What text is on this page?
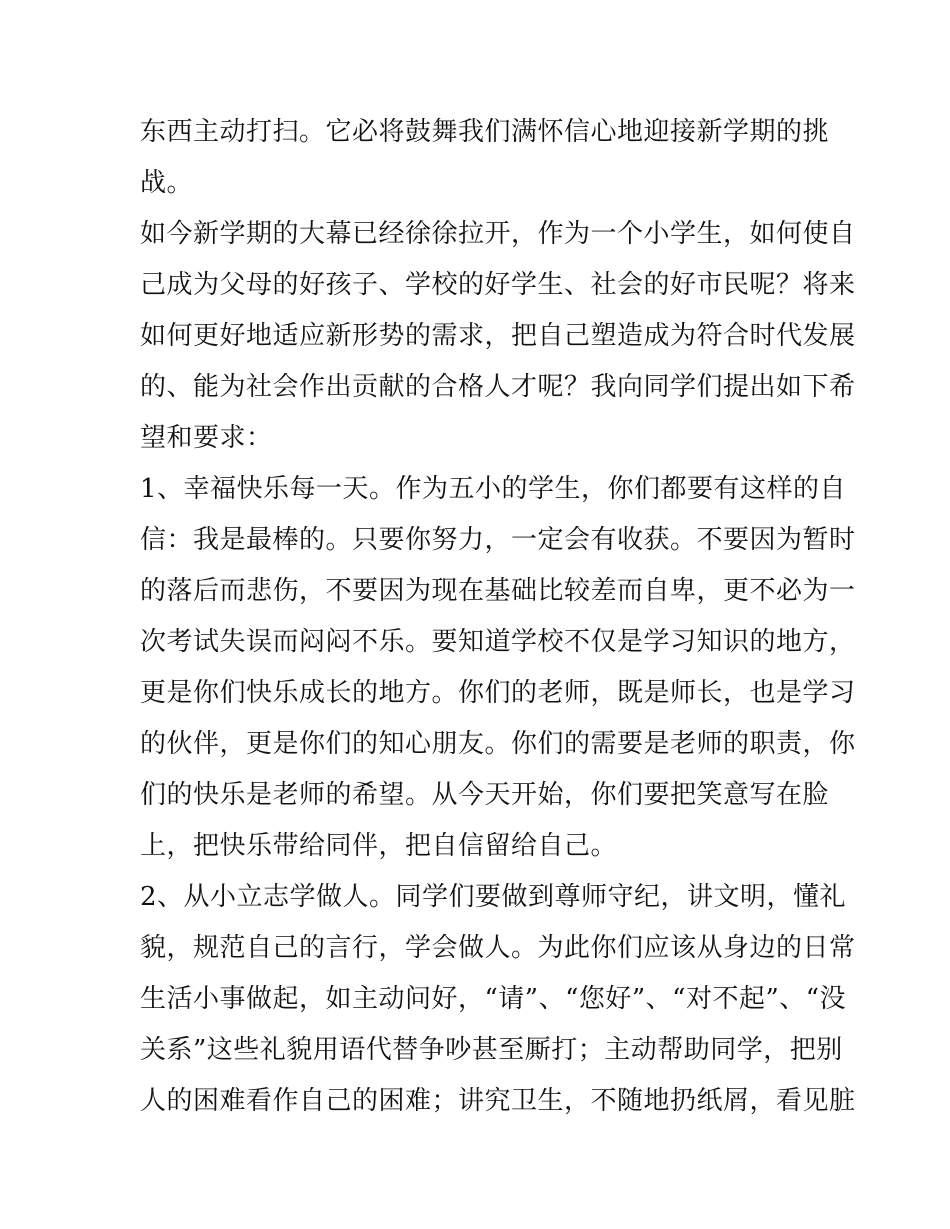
东西主动打扫。它必将鼓舞我们满怀信心地迎接新学期的挑
战。
如今新学期的大幕已经徐徐拉开，作为一个小学生，如何使自
己成为父母的好孩子、学校的好学生、社会的好市民呢？将来
如何更好地适应新形势的需求，把自己塑造成为符合时代发展
的、能为社会作出贡献的合格人才呢？我向同学们提出如下希
望和要求：
1、幸福快乐每一天。作为五小的学生，你们都要有这样的自
信：我是最棒的。只要你努力，一定会有收获。不要因为暂时
的落后而悲伤，不要因为现在基础比较差而自卑，更不必为一
次考试失误而闷闷不乐。要知道学校不仅是学习知识的地方，
更是你们快乐成长的地方。你们的老师，既是师长，也是学习
的伙伴，更是你们的知心朋友。你们的需要是老师的职责，你
们的快乐是老师的希望。从今天开始，你们要把笑意写在脸
上，把快乐带给同伴，把自信留给自己。
2、从小立志学做人。同学们要做到尊师守纪，讲文明，懂礼
貌，规范自己的言行，学会做人。为此你们应该从身边的日常
生活小事做起，如主动问好，“请”、“您好”、“对不起”、“没
关系”这些礼貌用语代替争吵甚至厮打；主动帮助同学，把别
人的困难看作自己的困难；讲究卫生，不随地扔纸屑，看见脏
